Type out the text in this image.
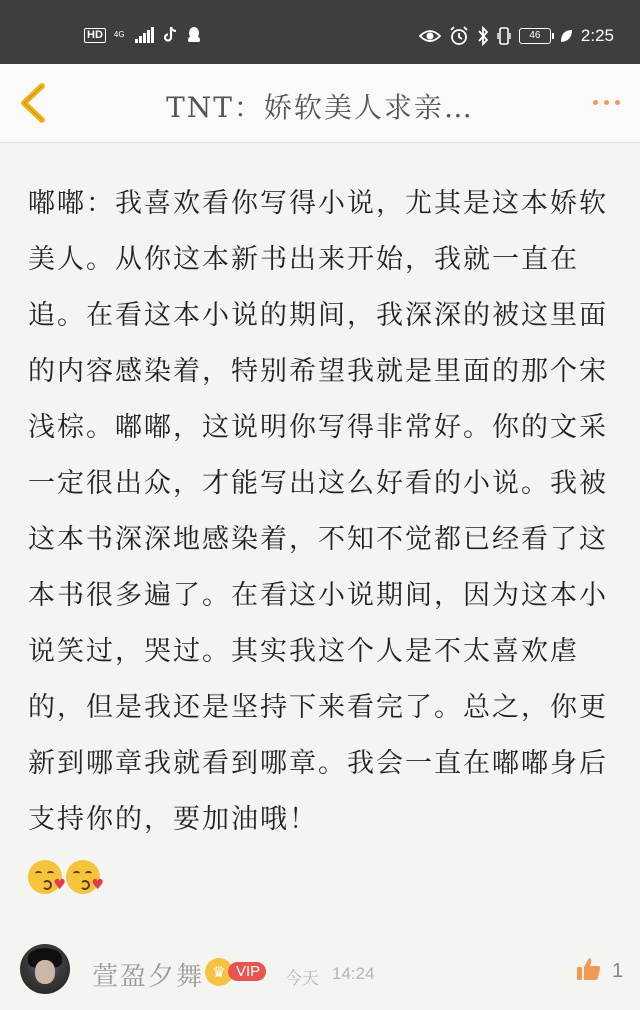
HD	4G	46	2:25
TNT：娇软美人求亲…
嘟嘟：我喜欢看你写得小说，尤其是这本娇软美人。从你这本新书出来开始，我就一直在追。在看这本小说的期间，我深深的被这里面的内容感染着，特别希望我就是里面的那个宋浅棕。嘟嘟，这说明你写得非常好。你的文采一定很出众，才能写出这么好看的小说。我被这本书深深地感染着，不知不觉都已经看了这本书很多遍了。在看这小说期间，因为这本小说笑过，哭过。其实我这个人是不太喜欢虐的，但是我还是坚持下来看完了。总之，你更新到哪章我就看到哪章。我会一直在嘟嘟身后支持你的，要加油哦！
♥ ♥
萱盈夕舞 ♛ VIP	今天 14:24	1
